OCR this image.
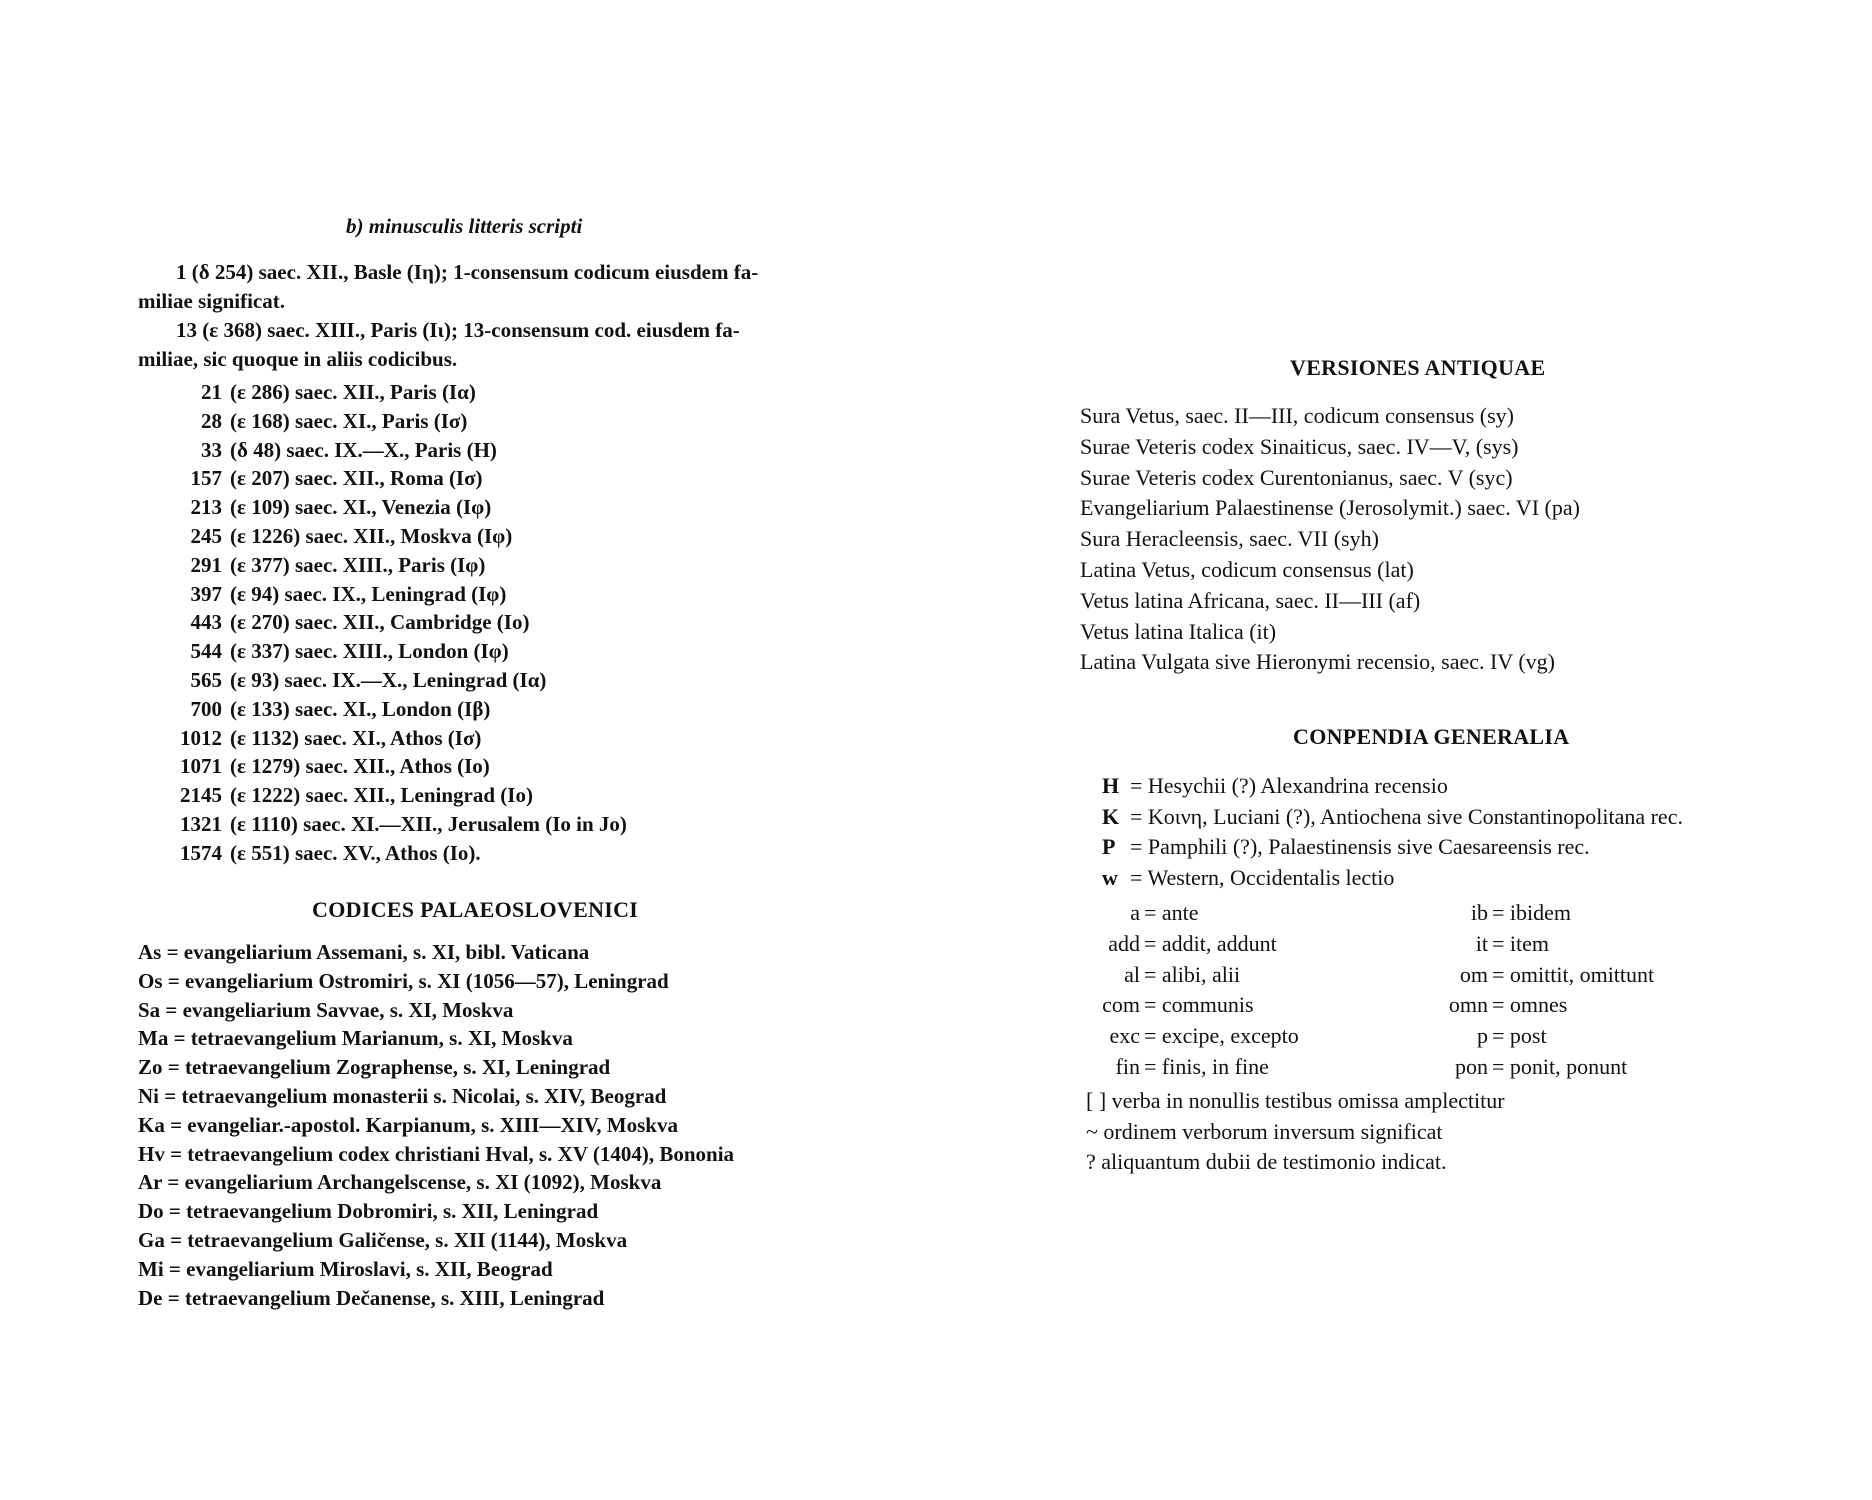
b) minusculis litteris scripti
1 (δ 254) saec. XII., Basle (Iη); 1-consensum codicum eiusdem fa-
miliae significat.
13 (ε 368) saec. XIII., Paris (Iι); 13-consensum cod. eiusdem fa-
miliae, sic quoque in aliis codicibus.
21 (ε 286) saec. XII., Paris (Iα)
28 (ε 168) saec. XI., Paris (Iσ)
33 (δ 48) saec. IX.—X., Paris (H)
157 (ε 207) saec. XII., Roma (Iσ)
213 (ε 109) saec. XI., Venezia (Iφ)
245 (ε 1226) saec. XII., Moskva (Iφ)
291 (ε 377) saec. XIII., Paris (Iφ)
397 (ε 94) saec. IX., Leningrad (Iφ)
443 (ε 270) saec. XII., Cambridge (Iο)
544 (ε 337) saec. XIII., London (Iφ)
565 (ε 93) saec. IX.—X., Leningrad (Iα)
700 (ε 133) saec. XI., London (Iβ)
1012 (ε 1132) saec. XI., Athos (Iσ)
1071 (ε 1279) saec. XII., Athos (Iο)
2145 (ε 1222) saec. XII., Leningrad (Iο)
1321 (ε 1110) saec. XI.—XII., Jerusalem (Iο in Jo)
1574 (ε 551) saec. XV., Athos (Iο).
CODICES PALAEOSLOVENICI
As = evangeliarium Assemani, s. XI, bibl. Vaticana
Os = evangeliarium Ostromiri, s. XI (1056—57), Leningrad
Sa = evangeliarium Savvae, s. XI, Moskva
Ma = tetraevangelium Marianum, s. XI, Moskva
Zo = tetraevangelium Zographense, s. XI, Leningrad
Ni = tetraevangelium monasterii s. Nicolai, s. XIV, Beograd
Ka = evangeliar.-apostol. Karpianum, s. XIII—XIV, Moskva
Hv = tetraevangelium codex christiani Hval, s. XV (1404), Bononia
Ar = evangeliarium Archangelscense, s. XI (1092), Moskva
Do = tetraevangelium Dobromiri, s. XII, Leningrad
Ga = tetraevangelium Galičense, s. XII (1144), Moskva
Mi = evangeliarium Miroslavi, s. XII, Beograd
De = tetraevangelium Dečanense, s. XIII, Leningrad
VERSIONES ANTIQUAE
Sura Vetus, saec. II—III, codicum consensus (sy)
Surae Veteris codex Sinaiticus, saec. IV—V, (sys)
Surae Veteris codex Curentonianus, saec. V (syc)
Evangeliarium Palaestinense (Jerosolymit.) saec. VI (pa)
Sura Heracleensis, saec. VII (syh)
Latina Vetus, codicum consensus (lat)
Vetus latina Africana, saec. II—III (af)
Vetus latina Italica (it)
Latina Vulgata sive Hieronymi recensio, saec. IV (vg)
CONPENDIA GENERALIA
H = Hesychii (?) Alexandrina recensio
K = Κοινη, Luciani (?), Antiochena sive Constantinopolitana rec.
P = Pamphili (?), Palaestinensis sive Caesareensis rec.
w = Western, Occidentalis lectio
a = ante
add = addit, addunt
al = alibi, alii
com = communis
exc = excipe, excepto
fin = finis, in fine
ib = ibidem
it = item
om = omittit, omittunt
omn = omnes
p = post
pon = ponit, ponunt
[ ] verba in nonullis testibus omissa amplectitur
~ ordinem verborum inversum significat
? aliquantum dubii de testimonio indicat.
